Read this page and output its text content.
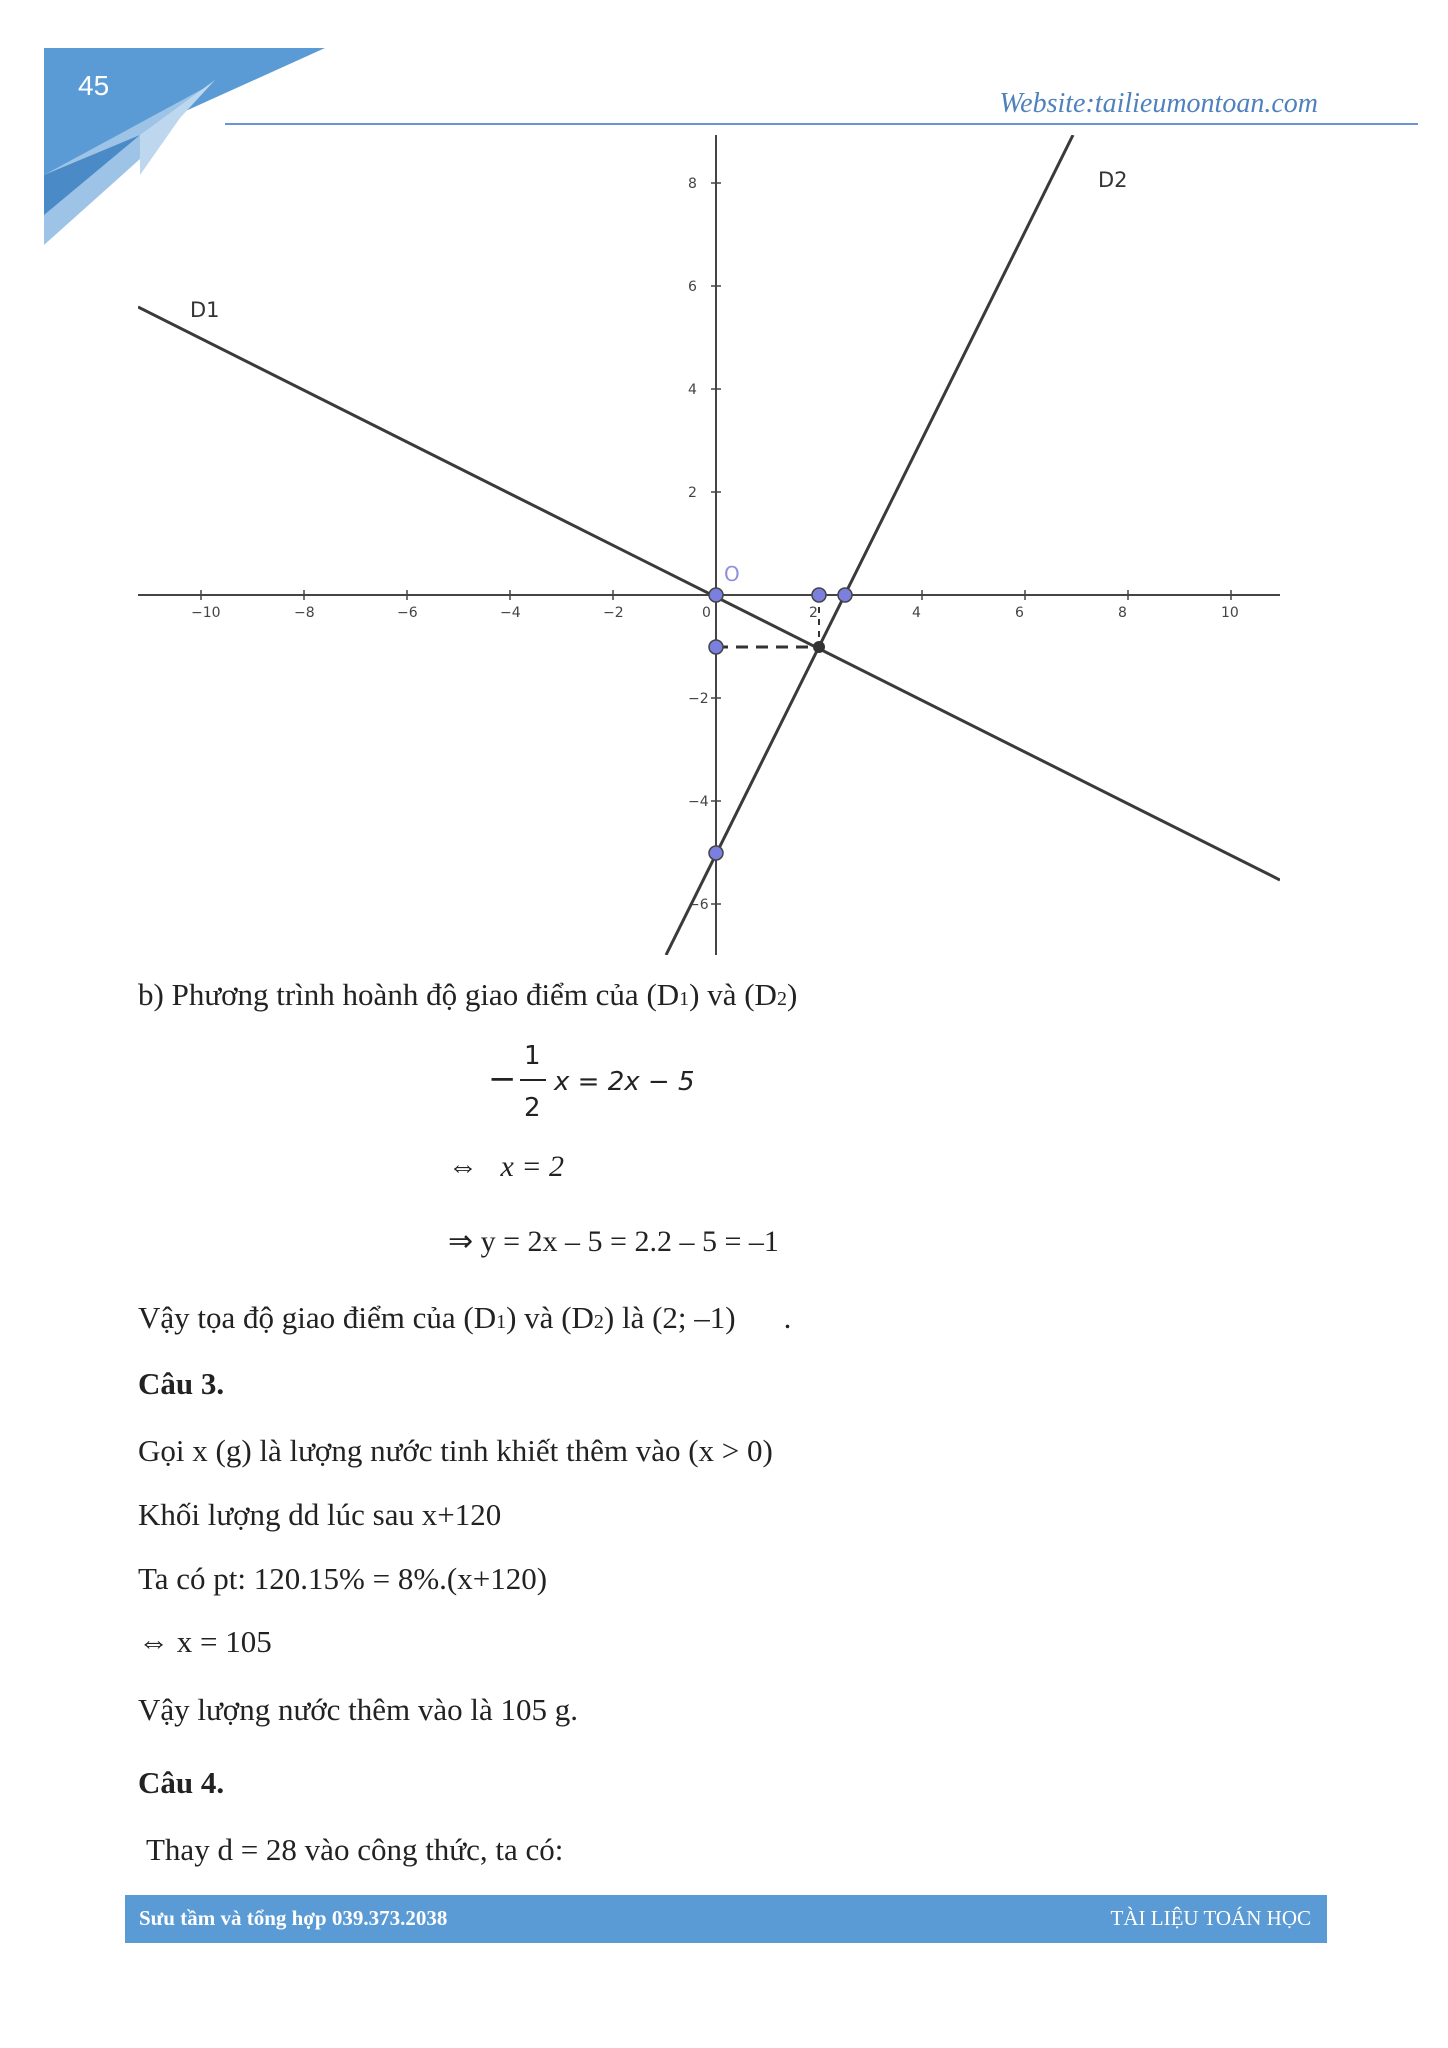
45
Website:tailieumontoan.com
−10	−8	−6	−4	−2	0	2	4	6	8	10
2
4
6
8
−2
−4
−6
D1
D2
O
b) Phương trình hoành độ giao điểm của (D1) và (D2)
−
1
2
x = 2x − 5
⇔ x = 2
⇒ y = 2x – 5 = 2.2 – 5 = –1
Vậy tọa độ giao điểm của (D1) và (D2) là (2; –1) .
Câu 3.
Gọi x (g) là lượng nước tinh khiết thêm vào (x > 0)
Khối lượng dd lúc sau x+120
Ta có pt: 120.15% = 8%.(x+120)
⇔ x = 105
Vậy lượng nước thêm vào là 105 g.
Câu 4.
Thay d = 28 vào công thức, ta có:
Sưu tầm và tổng hợp 039.373.2038	TÀI LIỆU TOÁN HỌC
